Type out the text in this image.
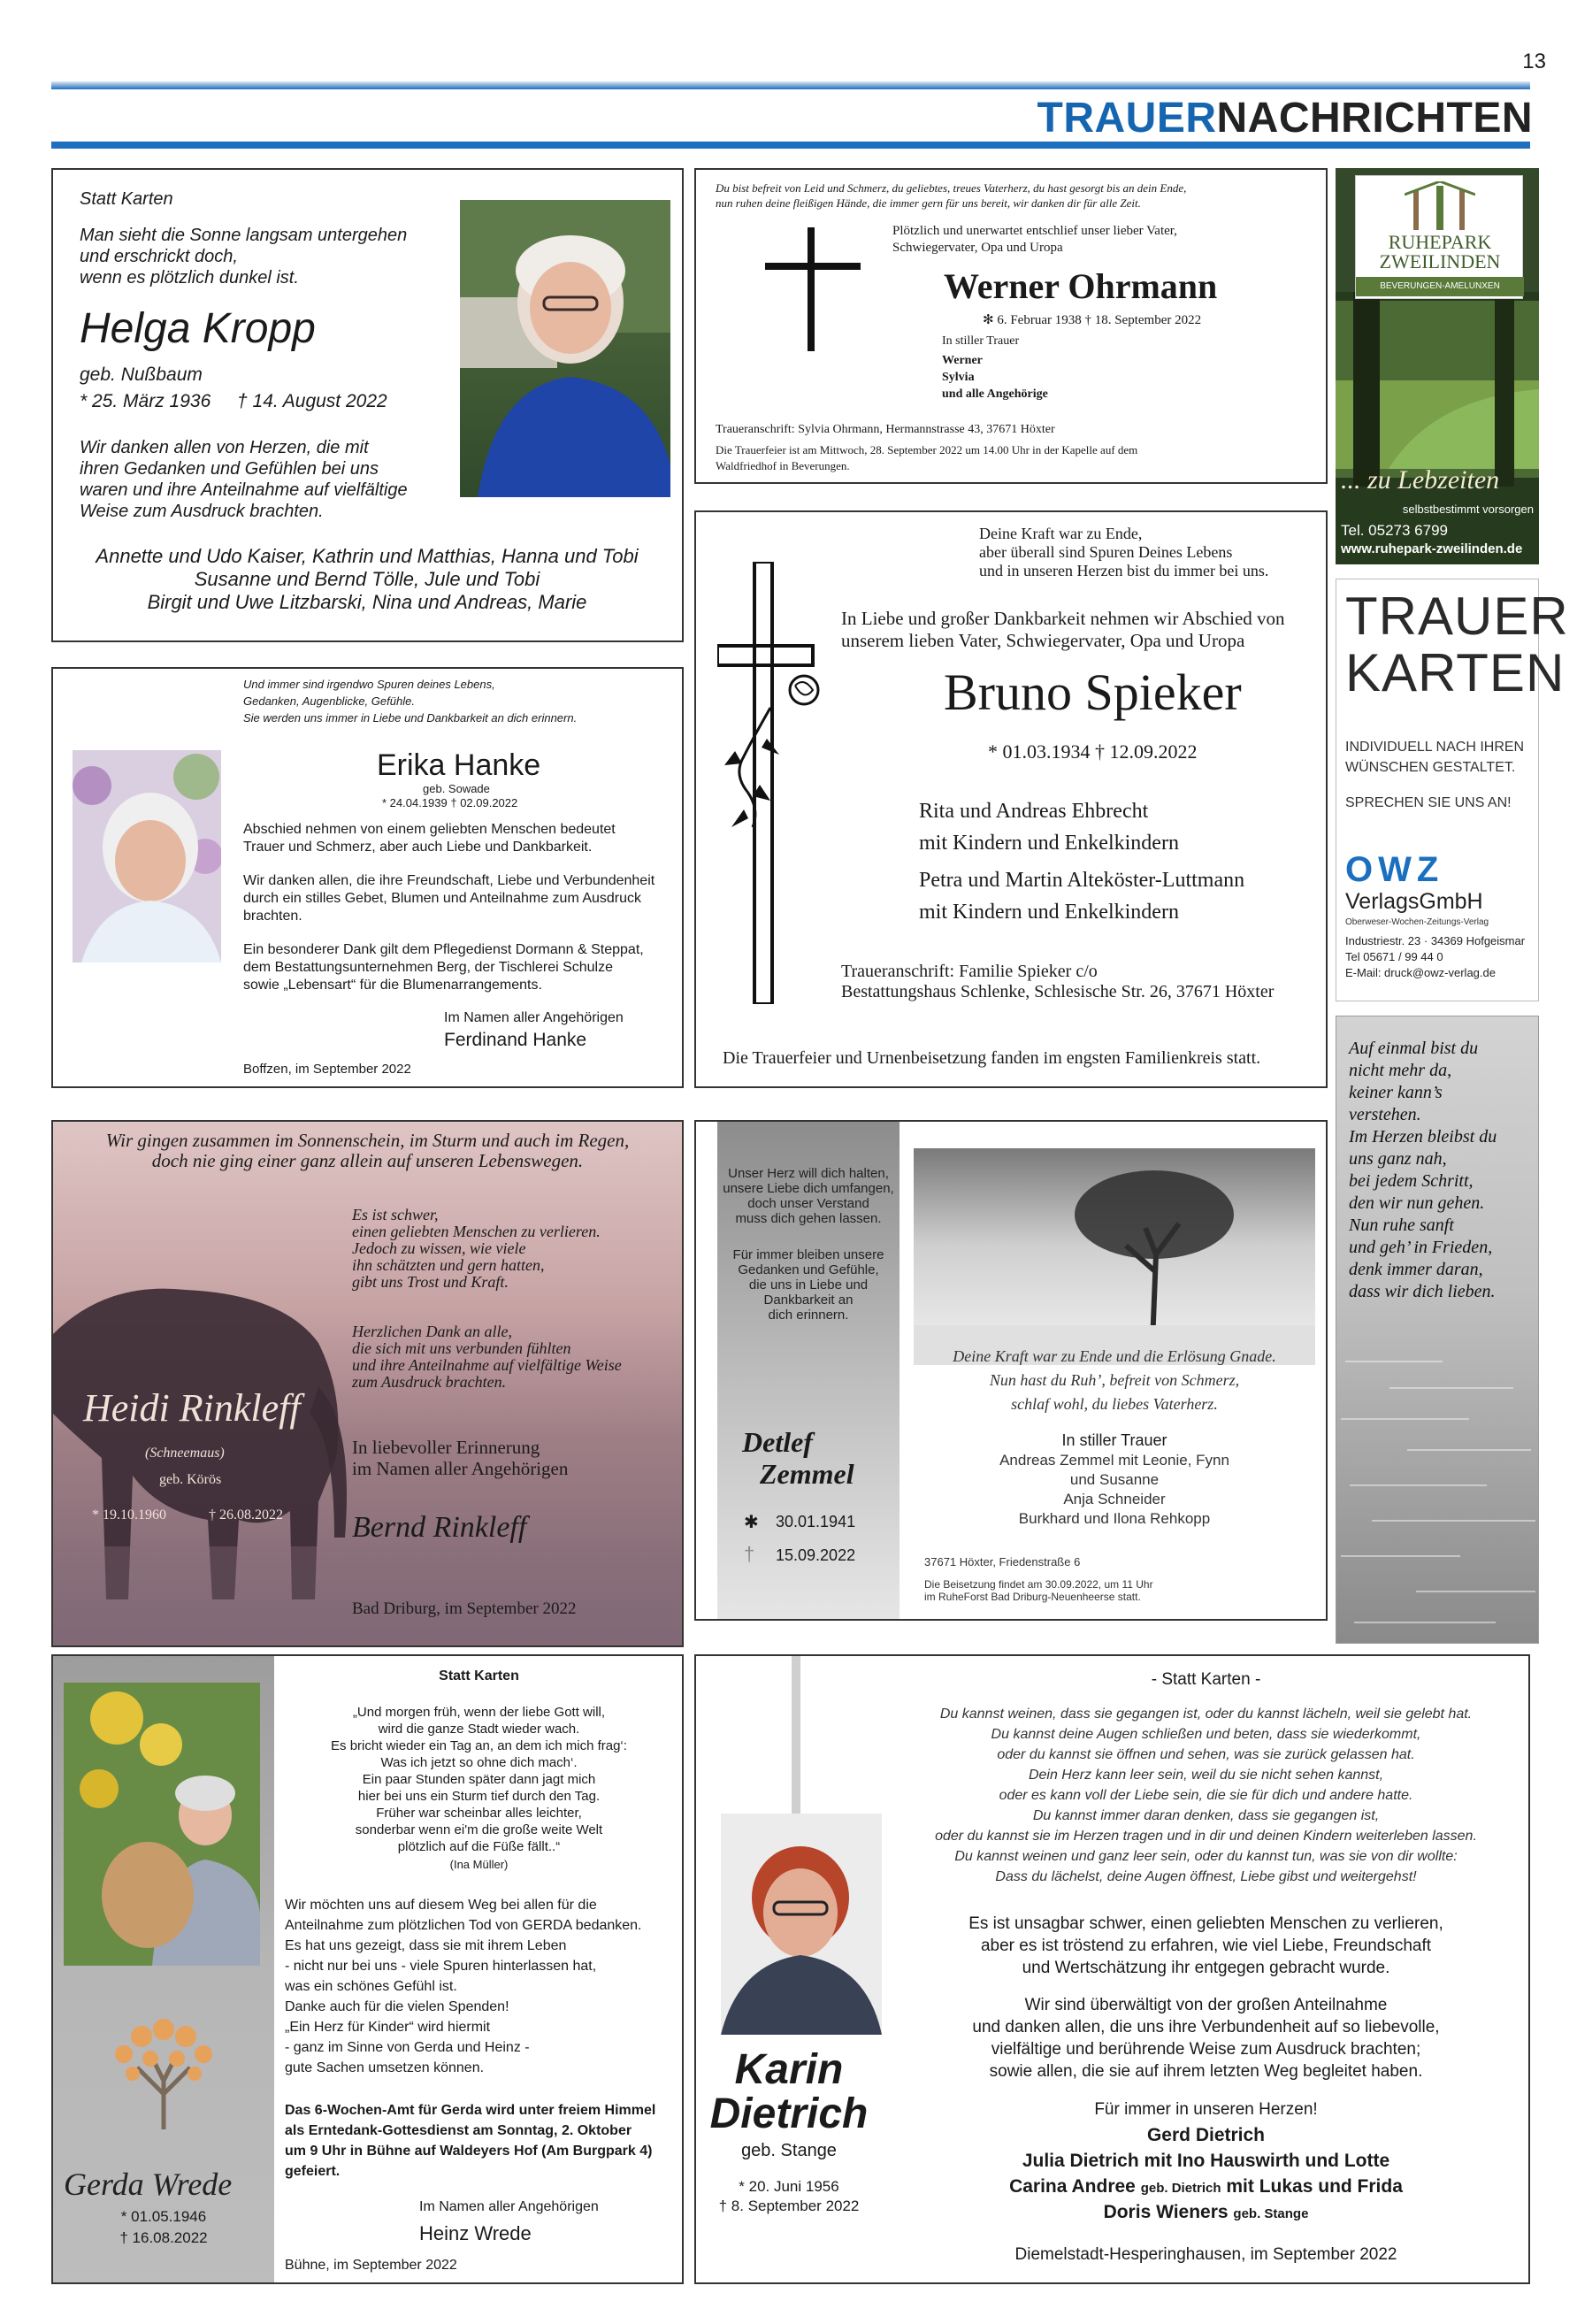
13
TRAUERNACHRICHTEN
Statt Karten
Man sieht die Sonne langsam untergehen
und erschrickt doch,
wenn es plötzlich dunkel ist.
Helga Kropp
geb. Nußbaum
* 25. März 1936 † 14. August 2022
Wir danken allen von Herzen, die mit
ihren Gedanken und Gefühlen bei uns
waren und ihre Anteilnahme auf vielfältige
Weise zum Ausdruck brachten.
Annette und Udo Kaiser, Kathrin und Matthias, Hanna und Tobi
Susanne und Bernd Tölle, Jule und Tobi
Birgit und Uwe Litzbarski, Nina und Andreas, Marie
Du bist befreit von Leid und Schmerz, du geliebtes, treues Vaterherz, du hast gesorgt bis an dein Ende,
nun ruhen deine fleißigen Hände, die immer gern für uns bereit, wir danken dir für alle Zeit.
Plötzlich und unerwartet entschlief unser lieber Vater,
Schwiegervater, Opa und Uropa
Werner Ohrmann
✻ 6. Februar 1938 † 18. September 2022
In stiller Trauer
Werner
Sylvia
und alle Angehörige
Traueranschrift: Sylvia Ohrmann, Hermannstrasse 43, 37671 Höxter
Die Trauerfeier ist am Mittwoch, 28. September 2022 um 14.00 Uhr in der Kapelle auf dem
Waldfriedhof in Beverungen.
RUHEPARK
ZWEILINDEN
BEVERUNGEN-AMELUNXEN
... zu Lebzeiten
selbstbestimmt vorsorgen
Tel. 05273 6799
www.ruhepark-zweilinden.de
Deine Kraft war zu Ende,
aber überall sind Spuren Deines Lebens
und in unseren Herzen bist du immer bei uns.
In Liebe und großer Dankbarkeit nehmen wir Abschied von
unserem lieben Vater, Schwiegervater, Opa und Uropa
Bruno Spieker
* 01.03.1934 † 12.09.2022
Rita und Andreas Ehbrecht
mit Kindern und Enkelkindern
Petra und Martin Alteköster-Luttmann
mit Kindern und Enkelkindern
Traueranschrift: Familie Spieker c/o
Bestattungshaus Schlenke, Schlesische Str. 26, 37671 Höxter
Die Trauerfeier und Urnenbeisetzung fanden im engsten Familienkreis statt.
TRAUER
KARTEN
INDIVIDUELL NACH IHREN
WÜNSCHEN GESTALTET.
SPRECHEN SIE UNS AN!
OWZ
VerlagsGmbH
Oberweser-Wochen-Zeitungs-Verlag
Industriestr. 23 · 34369 Hofgeismar
Tel 05671 / 99 44 0
E-Mail: druck@owz-verlag.de
Und immer sind irgendwo Spuren deines Lebens,
Gedanken, Augenblicke, Gefühle.
Sie werden uns immer in Liebe und Dankbarkeit an dich erinnern.
Erika Hanke
geb. Sowade
* 24.04.1939 † 02.09.2022
Abschied nehmen von einem geliebten Menschen bedeutet
Trauer und Schmerz, aber auch Liebe und Dankbarkeit.
Wir danken allen, die ihre Freundschaft, Liebe und Verbundenheit
durch ein stilles Gebet, Blumen und Anteilnahme zum Ausdruck
brachten.
Ein besonderer Dank gilt dem Pflegedienst Dormann & Steppat,
dem Bestattungsunternehmen Berg, der Tischlerei Schulze
sowie „Lebensart“ für die Blumenarrangements.
Im Namen aller Angehörigen
Ferdinand Hanke
Boffzen, im September 2022
Auf einmal bist du
nicht mehr da,
keiner kann’s
verstehen.
Im Herzen bleibst du
uns ganz nah,
bei jedem Schritt,
den wir nun gehen.
Nun ruhe sanft
und geh’ in Frieden,
denk immer daran,
dass wir dich lieben.
Wir gingen zusammen im Sonnenschein, im Sturm und auch im Regen,
doch nie ging einer ganz allein auf unseren Lebenswegen.
Es ist schwer,
einen geliebten Menschen zu verlieren.
Jedoch zu wissen, wie viele
ihn schätzten und gern hatten,
gibt uns Trost und Kraft.
Herzlichen Dank an alle,
die sich mit uns verbunden fühlten
und ihre Anteilnahme auf vielfältige Weise
zum Ausdruck brachten.
In liebevoller Erinnerung
im Namen aller Angehörigen
Bernd Rinkleff
Bad Driburg, im September 2022
Heidi Rinkleff
(Schneemaus)
geb. Körös
* 19.10.1960	† 26.08.2022
Unser Herz will dich halten,
unsere Liebe dich umfangen,
doch unser Verstand
muss dich gehen lassen.
Für immer bleiben unsere
Gedanken und Gefühle,
die uns in Liebe und
Dankbarkeit an
dich erinnern.
Detlef
Zemmel
✱ 30.01.1941
† 15.09.2022
Deine Kraft war zu Ende und die Erlösung Gnade.
Nun hast du Ruh’, befreit von Schmerz,
schlaf wohl, du liebes Vaterherz.
In stiller Trauer
Andreas Zemmel mit Leonie, Fynn
und Susanne
Anja Schneider
Burkhard und Ilona Rehkopp
37671 Höxter, Friedenstraße 6
Die Beisetzung findet am 30.09.2022, um 11 Uhr
im RuheForst Bad Driburg-Neuenheerse statt.
Gerda Wrede
* 01.05.1946
† 16.08.2022
Statt Karten
„Und morgen früh, wenn der liebe Gott will,
wird die ganze Stadt wieder wach.
Es bricht wieder ein Tag an, an dem ich mich frag‘:
Was ich jetzt so ohne dich mach‘.
Ein paar Stunden später dann jagt mich
hier bei uns ein Sturm tief durch den Tag.
Früher war scheinbar alles leichter,
sonderbar wenn ei'm die große weite Welt
plötzlich auf die Füße fällt..“
(Ina Müller)
Wir möchten uns auf diesem Weg bei allen für die
Anteilnahme zum plötzlichen Tod von GERDA bedanken.
Es hat uns gezeigt, dass sie mit ihrem Leben
- nicht nur bei uns - viele Spuren hinterlassen hat,
was ein schönes Gefühl ist.
Danke auch für die vielen Spenden!
„Ein Herz für Kinder“ wird hiermit
- ganz im Sinne von Gerda und Heinz -
gute Sachen umsetzen können.
Das 6-Wochen-Amt für Gerda wird unter freiem Himmel
als Erntedank-Gottesdienst am Sonntag, 2. Oktober
um 9 Uhr in Bühne auf Waldeyers Hof (Am Burgpark 4)
gefeiert.
Im Namen aller Angehörigen
Heinz Wrede
Bühne, im September 2022
Karin
Dietrich
geb. Stange
* 20. Juni 1956
† 8. September 2022
- Statt Karten -
Du kannst weinen, dass sie gegangen ist, oder du kannst lächeln, weil sie gelebt hat.
Du kannst deine Augen schließen und beten, dass sie wiederkommt,
oder du kannst sie öffnen und sehen, was sie zurück gelassen hat.
Dein Herz kann leer sein, weil du sie nicht sehen kannst,
oder es kann voll der Liebe sein, die sie für dich und andere hatte.
Du kannst immer daran denken, dass sie gegangen ist,
oder du kannst sie im Herzen tragen und in dir und deinen Kindern weiterleben lassen.
Du kannst weinen und ganz leer sein, oder du kannst tun, was sie von dir wollte:
Dass du lächelst, deine Augen öffnest, Liebe gibst und weitergehst!
Es ist unsagbar schwer, einen geliebten Menschen zu verlieren,
aber es ist tröstend zu erfahren, wie viel Liebe, Freundschaft
und Wertschätzung ihr entgegen gebracht wurde.
Wir sind überwältigt von der großen Anteilnahme
und danken allen, die uns ihre Verbundenheit auf so liebevolle,
vielfältige und berührende Weise zum Ausdruck brachten;
sowie allen, die sie auf ihrem letzten Weg begleitet haben.
Für immer in unseren Herzen!
Gerd Dietrich
Julia Dietrich mit Ino Hauswirth und Lotte
Carina Andree geb. Dietrich mit Lukas und Frida
Doris Wieners geb. Stange
Diemelstadt-Hesperinghausen, im September 2022
